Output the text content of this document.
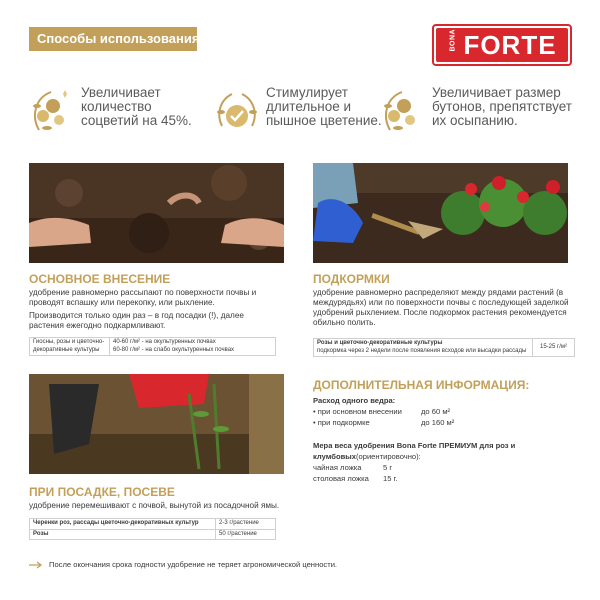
Способы использования	BONA FORTE
Увеличивает
количество
соцветий на 45%.
Стимулирует
длительное и
пышное цветение.
Увеличивает размер
бутонов, препятствует
их осыпанию.
ОСНОВНОЕ ВНЕСЕНИЕ
удобрение равномерно рассыпают по поверхности почвы и проводят вспашку или перекопку, или рыхление.
Производится только один раз – в год посадки (!), далее растения ежегодно подкармливают.
Гиосны, розы и цветочно-декоративные культуры	40-60 г/м² - на окультуренных почвах
60-80 г/м² - на слабо окультуренных почвах
ПОДКОРМКИ
удобрение равномерно распределяют между рядами растений (в междурядьях) или по поверхности почвы с последующей заделкой удобрений рыхлением. После подкормок растения рекомендуется обильно полить.
Розы и цветочно-декоративные культуры
подкормка через 2 недели после появления всходов или высадки рассады
	15-25 г/м²
ДОПОЛНИТЕЛЬНАЯ ИНФОРМАЦИЯ:
Расход одного ведра:
• при основном внесении	до 60 м²
• при подкормке	до 160 м²
Мера веса удобрения Bona Forte ПРЕМИУМ для роз и клумбовых(ориентировочно):
чайная ложка	5 г
столовая ложка	15 г.
ПРИ ПОСАДКЕ, ПОСЕВЕ
удобрение перемешивают с почвой, вынутой из посадочной ямы.
Черенки роз, рассады цветочно-декоративных культур	2-3 г/растение
Розы	50 г/растение
После окончания срока годности удобрение не теряет агрономической ценности.
